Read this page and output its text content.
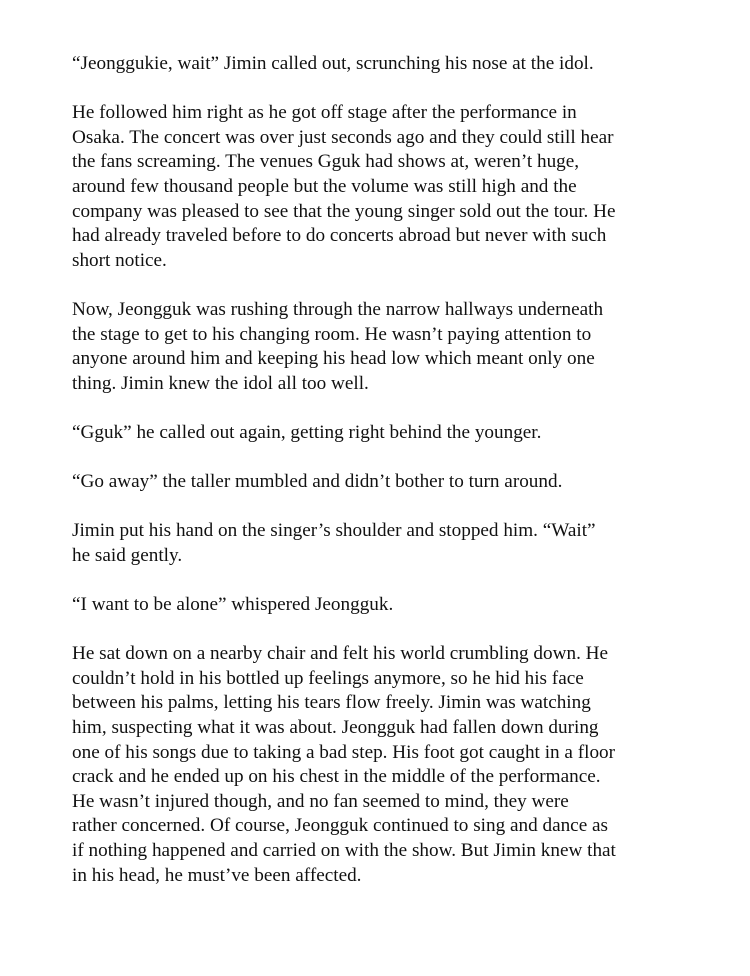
“Jeonggukie, wait” Jimin called out, scrunching his nose at the idol.

He followed him right as he got off stage after the performance in
Osaka. The concert was over just seconds ago and they could still hear
the fans screaming. The venues Gguk had shows at, weren’t huge,
around few thousand people but the volume was still high and the
company was pleased to see that the young singer sold out the tour. He
had already traveled before to do concerts abroad but never with such
short notice.

Now, Jeongguk was rushing through the narrow hallways underneath
the stage to get to his changing room. He wasn’t paying attention to
anyone around him and keeping his head low which meant only one
thing. Jimin knew the idol all too well.

“Gguk” he called out again, getting right behind the younger.

“Go away” the taller mumbled and didn’t bother to turn around.

Jimin put his hand on the singer’s shoulder and stopped him. “Wait”
he said gently.

“I want to be alone” whispered Jeongguk.

He sat down on a nearby chair and felt his world crumbling down. He
couldn’t hold in his bottled up feelings anymore, so he hid his face
between his palms, letting his tears flow freely. Jimin was watching
him, suspecting what it was about. Jeongguk had fallen down during
one of his songs due to taking a bad step. His foot got caught in a floor
crack and he ended up on his chest in the middle of the performance.
He wasn’t injured though, and no fan seemed to mind, they were
rather concerned. Of course, Jeongguk continued to sing and dance as
if nothing happened and carried on with the show. But Jimin knew that
in his head, he must’ve been affected.
